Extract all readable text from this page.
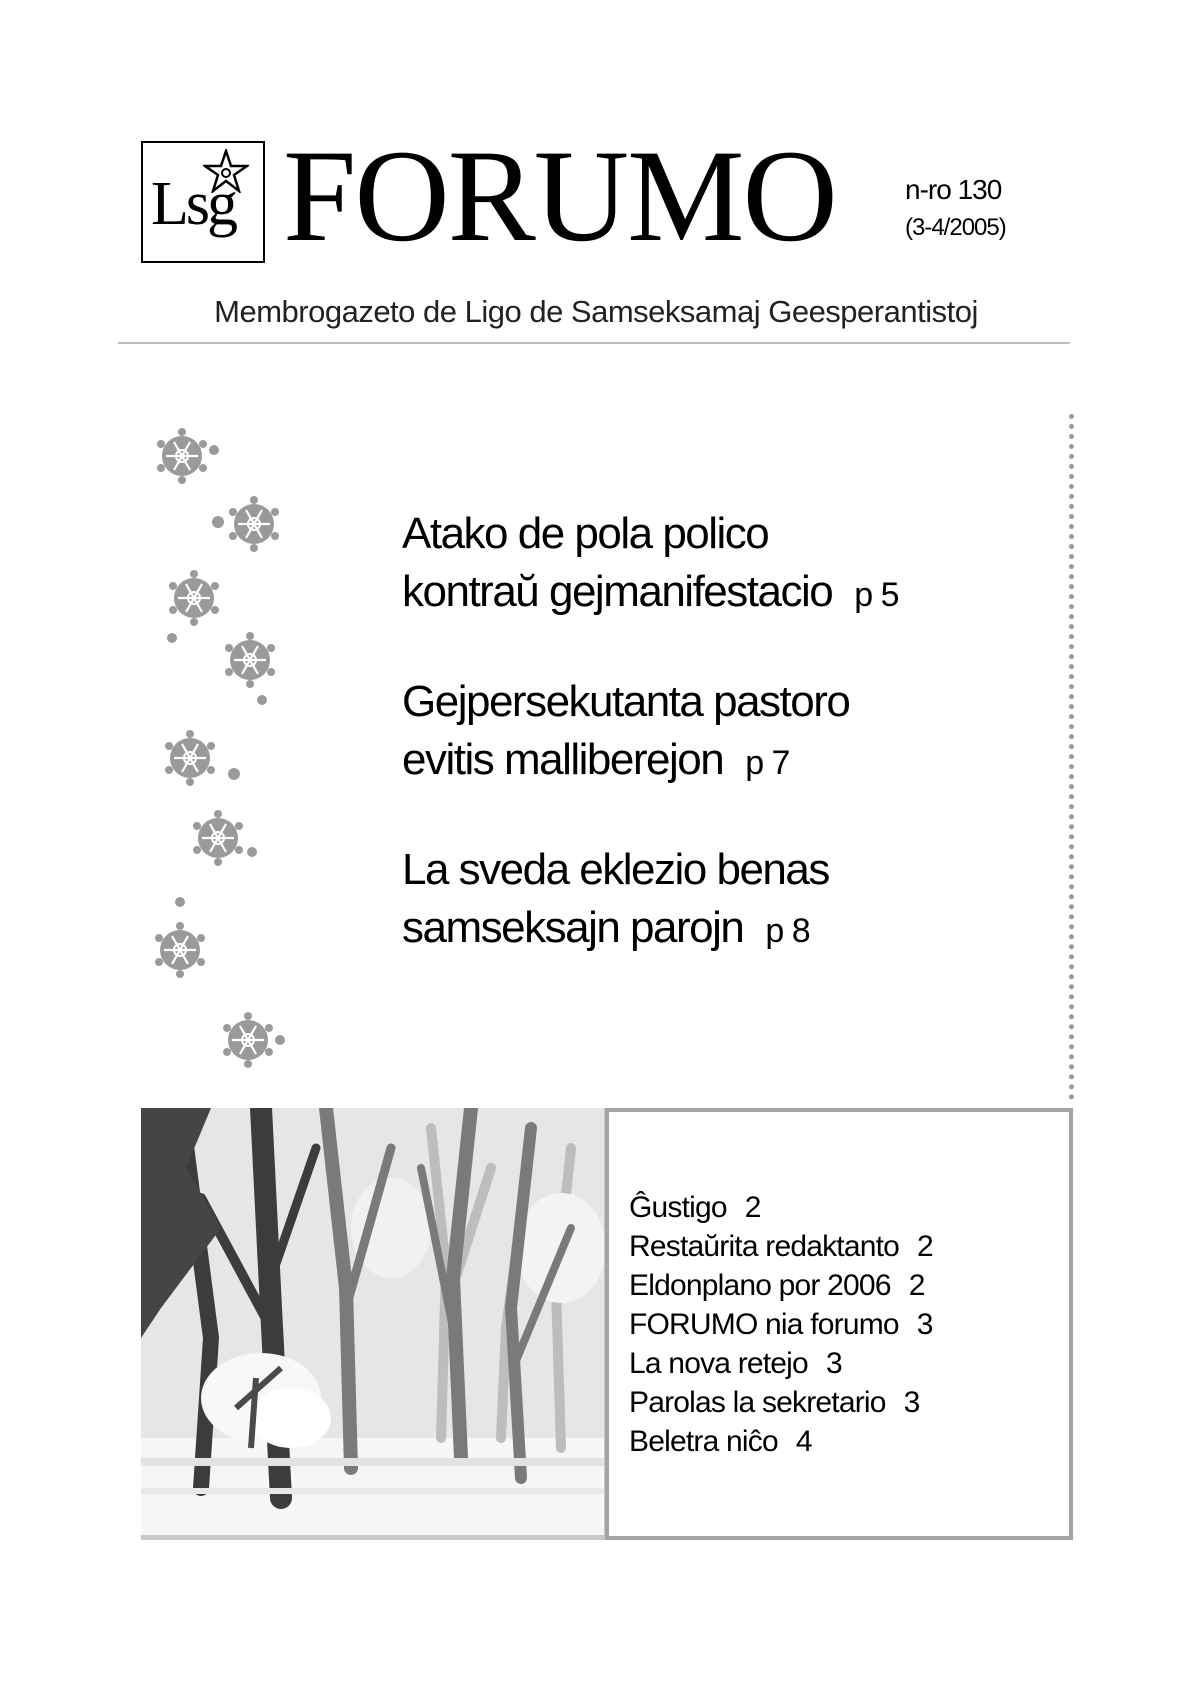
Lsg FORUMO n-ro 130
(3-4/2005)
Membrogazeto de Ligo de Samseksamaj Geesperantistoj
Atako de pola polico
kontraŭ gejmanifestacio p 5
Gejpersekutanta pastoro
evitis malliberejon p 7
La sveda eklezio benas
samseksajn parojn p 8
Ĝustigo 2
Restaŭrita redaktanto 2
Eldonplano por 2006 2
FORUMO nia forumo 3
La nova retejo 3
Parolas la sekretario 3
Beletra niĉo 4
